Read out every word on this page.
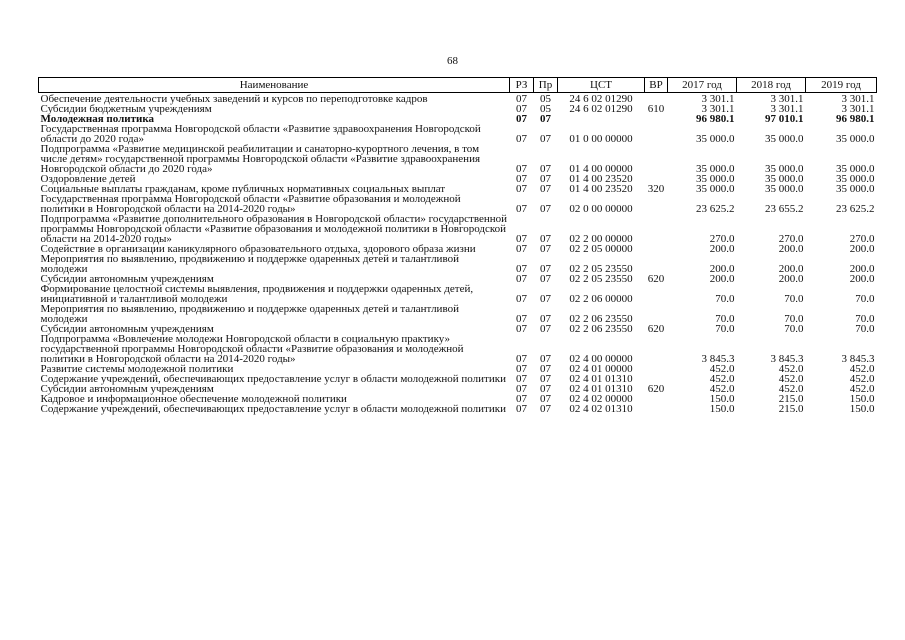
68
Наименование	РЗ	Пр	ЦСТ	ВР	2017 год	2018 год	2019 год
Обеспечение деятельности учебных заведений и курсов по переподготовке кадров	07	05	24 6 02 01290		3 301.1	3 301.1	3 301.1
Субсидии бюджетным учреждениям	07	05	24 6 02 01290	610	3 301.1	3 301.1	3 301.1
Молодежная политика	07	07			96 980.1	97 010.1	96 980.1
Государственная программа Новгородской области «Развитие здравоохранения Новгородской области до 2020 года»	07	07	01 0 00 00000		35 000.0	35 000.0	35 000.0
Подпрограмма «Развитие медицинской реабилитации и санаторно-курортного лечения, в том числе детям» государственной программы Новгородской области «Развитие здравоохранения Новгородской области до 2020 года»	07	07	01 4 00 00000		35 000.0	35 000.0	35 000.0
Оздоровление детей	07	07	01 4 00 23520		35 000.0	35 000.0	35 000.0
Социальные выплаты гражданам, кроме публичных нормативных социальных выплат	07	07	01 4 00 23520	320	35 000.0	35 000.0	35 000.0
Государственная программа Новгородской области «Развитие образования и молодежной политики в Новгородской области на 2014-2020 годы»	07	07	02 0 00 00000		23 625.2	23 655.2	23 625.2
Подпрограмма «Развитие дополнительного образования в Новгородской области» государственной программы Новгородской области «Развитие образования и молодежной политики в Новгородской области на 2014-2020 годы»	07	07	02 2 00 00000		270.0	270.0	270.0
Содействие в организации каникулярного образовательного отдыха, здорового образа жизни	07	07	02 2 05 00000		200.0	200.0	200.0
Мероприятия по выявлению, продвижению и поддержке одаренных детей и талантливой молодежи	07	07	02 2 05 23550		200.0	200.0	200.0
Субсидии автономным учреждениям	07	07	02 2 05 23550	620	200.0	200.0	200.0
Формирование целостной системы выявления, продвижения и поддержки одаренных детей, инициативной и талантливой молодежи	07	07	02 2 06 00000		70.0	70.0	70.0
Мероприятия по выявлению, продвижению и поддержке одаренных детей и талантливой молодежи	07	07	02 2 06 23550		70.0	70.0	70.0
Субсидии автономным учреждениям	07	07	02 2 06 23550	620	70.0	70.0	70.0
Подпрограмма «Вовлечение молодежи Новгородской области в социальную практику» государственной программы Новгородской области «Развитие образования и молодежной политики в Новгородской области на 2014-2020 годы»	07	07	02 4 00 00000		3 845.3	3 845.3	3 845.3
Развитие системы молодежной политики	07	07	02 4 01 00000		452.0	452.0	452.0
Содержание учреждений, обеспечивающих предоставление услуг в области молодежной политики	07	07	02 4 01 01310		452.0	452.0	452.0
Субсидии автономным учреждениям	07	07	02 4 01 01310	620	452.0	452.0	452.0
Кадровое и информационное обеспечение молодежной политики	07	07	02 4 02 00000		150.0	215.0	150.0
Содержание учреждений, обеспечивающих предоставление услуг в области молодежной политики	07	07	02 4 02 01310		150.0	215.0	150.0
